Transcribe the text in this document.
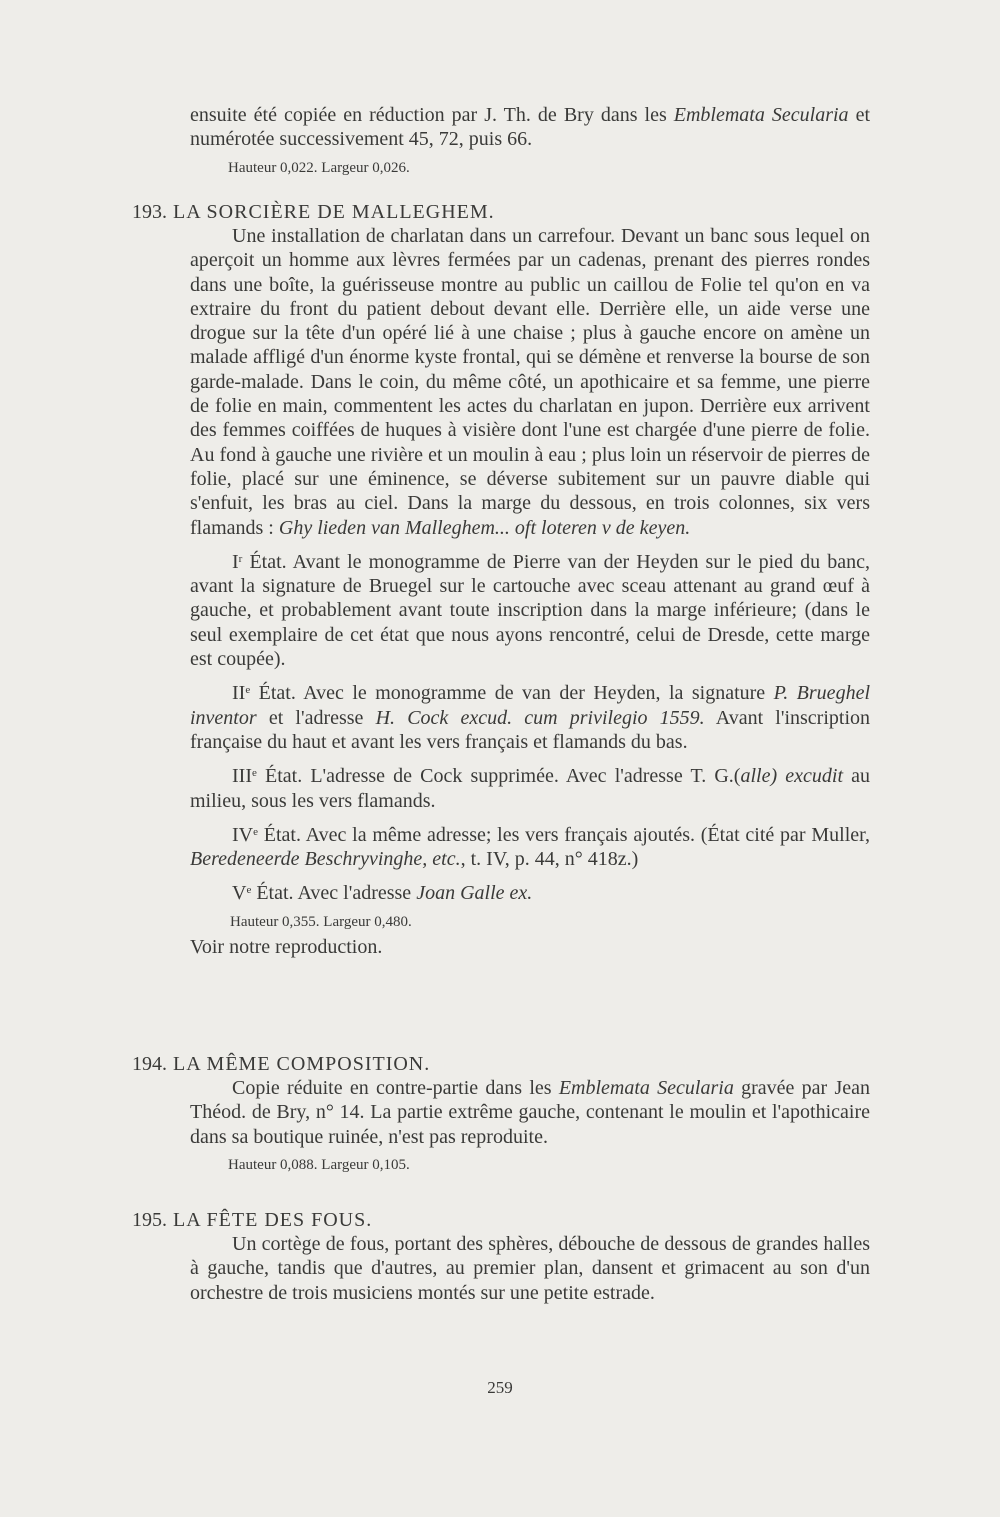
ensuite été copiée en réduction par J. Th. de Bry dans les Emblemata Secularia et numérotée successivement 45, 72, puis 66.

Hauteur 0,022. Largeur 0,026.
193. LA SORCIÈRE DE MALLEGHEM.

Une installation de charlatan dans un carrefour. Devant un banc sous lequel on aperçoit un homme aux lèvres fermées par un cadenas, prenant des pierres rondes dans une boîte, la guérisseuse montre au public un caillou de Folie tel qu'on en va extraire du front du patient debout devant elle. Derrière elle, un aide verse une drogue sur la tête d'un opéré lié à une chaise ; plus à gauche encore on amène un malade affligé d'un énorme kyste frontal, qui se démène et renverse la bourse de son garde-malade. Dans le coin, du même côté, un apothicaire et sa femme, une pierre de folie en main, commentent les actes du charlatan en jupon. Derrière eux arrivent des femmes coiffées de huques à visière dont l'une est chargée d'une pierre de folie. Au fond à gauche une rivière et un moulin à eau ; plus loin un réservoir de pierres de folie, placé sur une éminence, se déverse subitement sur un pauvre diable qui s'enfuit, les bras au ciel. Dans la marge du dessous, en trois colonnes, six vers flamands : Ghy lieden van Malleghem... oft loteren v de keyen.

$I^r$ État. Avant le monogramme de Pierre van der Heyden sur le pied du banc, avant la signature de Bruegel sur le cartouche avec sceau attenant au grand œuf à gauche, et probablement avant toute inscription dans la marge inférieure; (dans le seul exemplaire de cet état que nous ayons rencontré, celui de Dresde, cette marge est coupée).

IIe État. Avec le monogramme de van der Heyden, la signature P. Brueghel inventor et l'adresse H. Cock excud. cum privilegio 1559. Avant l'inscription française du haut et avant les vers français et flamands du bas.

IIIe État. L'adresse de Cock supprimée. Avec l'adresse T. G.(alle) excudit au milieu, sous les vers flamands.

IVe État. Avec la même adresse; les vers français ajoutés. (État cité par Muller, Beredeneerde Beschryvinghe, etc., t. IV, p. 44, n° 418z.)

Ve État. Avec l'adresse Joan Galle ex.

Hauteur 0,355. Largeur 0,480.

Voir notre reproduction.

194. LA MÊME COMPOSITION.

Copie réduite en contre-partie dans les Emblemata Secularia gravée par Jean Théod. de Bry, n° 14. La partie extrême gauche, contenant le moulin et l'apothicaire dans sa boutique ruinée, n'est pas reproduite.

Hauteur 0,088. Largeur 0,105.
195. LA FÊTE DES FOUS.

Un cortège de fous, portant des sphères, débouche de dessous de grandes halles à gauche, tandis que d'autres, au premier plan, dansent et grimacent au son d'un orchestre de trois musiciens montés sur une petite estrade.

259
